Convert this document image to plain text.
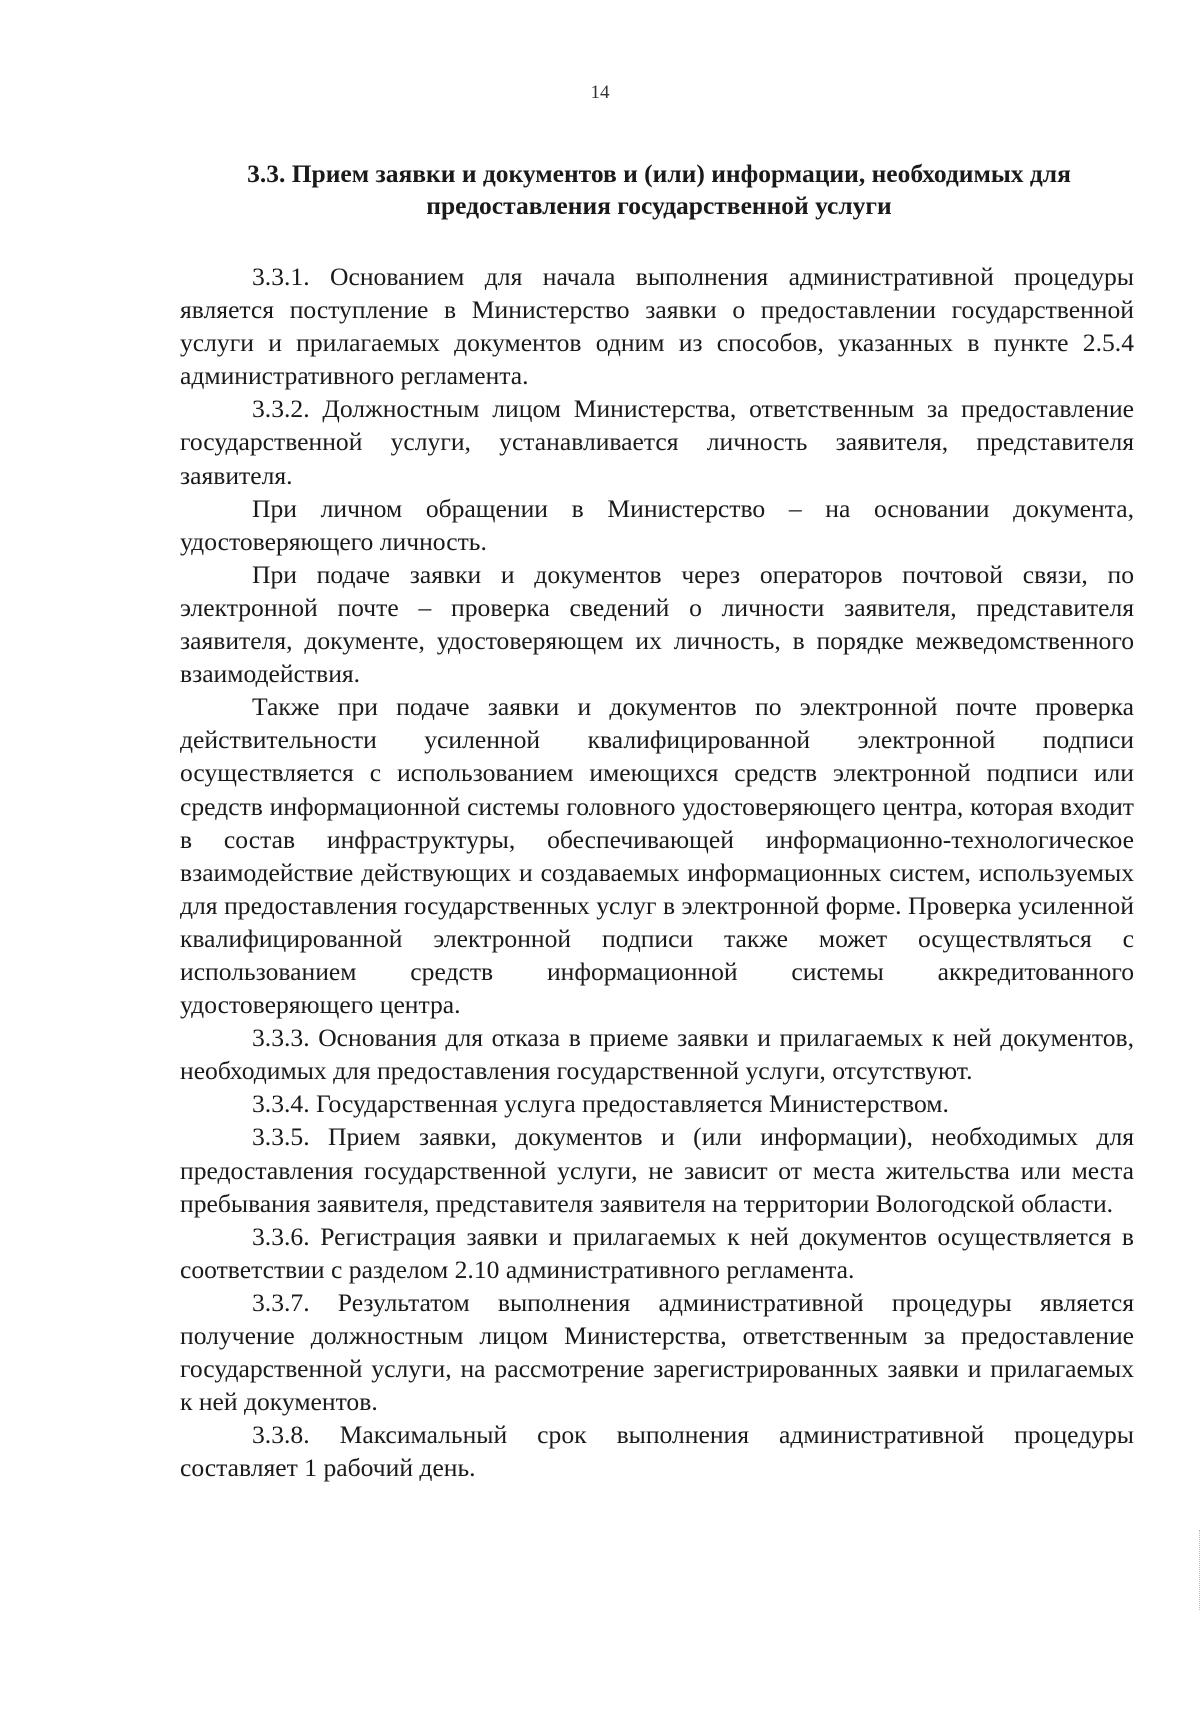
14
3.3. Прием заявки и документов и (или) информации, необходимых для предоставления государственной услуги

3.3.1. Основанием для начала выполнения административной процедуры является поступление в Министерство заявки о предоставлении государственной услуги и прилагаемых документов одним из способов, указанных в пункте 2.5.4 административного регламента.

3.3.2. Должностным лицом Министерства, ответственным за предоставление государственной услуги, устанавливается личность заявителя, представителя заявителя.

При личном обращении в Министерство – на основании документа, удостоверяющего личность.

При подаче заявки и документов через операторов почтовой связи, по электронной почте – проверка сведений о личности заявителя, представителя заявителя, документе, удостоверяющем их личность, в порядке межведомственного взаимодействия.

Также при подаче заявки и документов по электронной почте проверка действительности усиленной квалифицированной электронной подписи осуществляется с использованием имеющихся средств электронной подписи или средств информационной системы головного удостоверяющего центра, которая входит в состав инфраструктуры, обеспечивающей информационно-технологическое взаимодействие действующих и создаваемых информационных систем, используемых для предоставления государственных услуг в электронной форме. Проверка усиленной квалифицированной электронной подписи также может осуществляться с использованием средств информационной системы аккредитованного удостоверяющего центра.

3.3.3. Основания для отказа в приеме заявки и прилагаемых к ней документов, необходимых для предоставления государственной услуги, отсутствуют.

3.3.4. Государственная услуга предоставляется Министерством.

3.3.5. Прием заявки, документов и (или информации), необходимых для предоставления государственной услуги, не зависит от места жительства или места пребывания заявителя, представителя заявителя на территории Вологодской области.

3.3.6. Регистрация заявки и прилагаемых к ней документов осуществляется в соответствии с разделом 2.10 административного регламента.

3.3.7. Результатом выполнения административной процедуры является получение должностным лицом Министерства, ответственным за предоставление государственной услуги, на рассмотрение зарегистрированных заявки и прилагаемых к ней документов.

3.3.8. Максимальный срок выполнения административной процедуры составляет 1 рабочий день.
